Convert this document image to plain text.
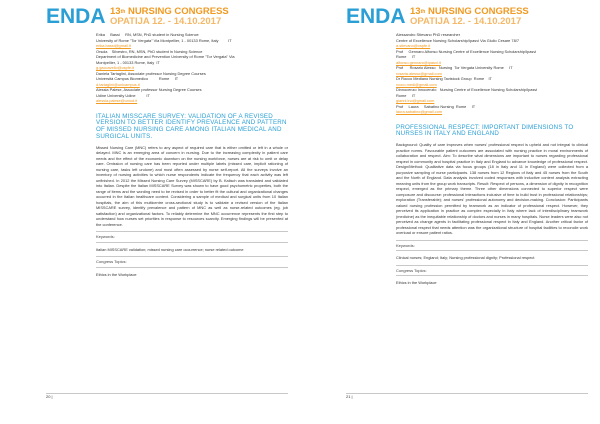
ENDA 13th NURSING CONGRESS
OPATIJA 12. - 14.10.2017
Erika     Bassi     RN, MSN, PhD student in Nursing Science
University of Rome "Tor Vergata" Via Montpellier, 1 - 00133 Rome, Italy         IT
erika.bassi@gmail.it
Orsola    Silvestro, RN, MSN, PhD student in Nursing Science
Department of Biomedicine and Prevention University of Rome "Tor Vergata" Via
Montpellier, 1 - 00133 Rome, Italy  IT
g.gaccavello@ospfe.it
Daniela Tartaglini, Associate professor Nursing Degree Courses
Università Campus Biomedico          Rome     IT
d.tartaglini@unicampus.it
Alessia Palese, Associate professor Nursing Degree Courses
Udine University Udine          IT
alessia.palese@uniud.it
ITALIAN MISSCARE SURVEY: VALIDATION OF A REVISED VERSION TO BETTER IDENTIFY PREVALENCE AND PATTERN OF MISSED NURSING CARE AMONG ITALIAN MEDICAL AND SURGICAL UNITS.
Missed Nursing Care (MNC) refers to any aspect of required care that is either omitted or left in a whole or delayed. MNC is an emerging area of concern in nursing. Due to the increasing complexity in patient care needs and the effect of the economic downturn on the nursing workforce, nurses are at risk to omit or delay care. Omission of nursing care has been reported under multiple labels (missed care, implicit rationing of nursing care, tasks left undone) and most often assessed by nurse self-report. All the surveys involve an inventory of nursing activities to which nurse respondents indicate the frequency that each activity was left unfinished. In 2012 the Missed Nursing Care Survey (MISSCARE) by B. Kalisch was translated and validated into Italian. Despite the Italian MISSCARE Survey was shown to have good psychometric properties, both the range of items and the wording need to be revised in order to better fit the cultural and organizational changes occurred in the Italian healthcare context. Considering a sample of medical and surgical units from 10 Italian hospitals, the aim of this multicentre cross-sectional study is to validate a revised version of the Italian MISSCARE survey, identify prevalence and pattern of MNC as well as nurse-related outcomes (eg. job satisfaction) and organizational factors. To reliably determine the MNC occurrence represents the first step to understand how nurses set priorities in response to resources scarcity. Emerging findings will be presented at the conference.
Keywords:
Italian MISSCARE validation; missed nursing care occurrence; nurse related outcome
Congress Topics:
Ethics in the Workplace
20 |
ENDA 13th NURSING CONGRESS
OPATIJA 12. - 14.10.2017
Alessandro Stievano PhD researcher
Centre of Excellence Nursing Scholarship/Ipasvi Via Giulio Cesare 78/7
a.stievano@ospfe.it
Prof     Gennaro Alfonso Nursing Centre of Excellence Nursing Scholarship/Ipasvi
Rome     IT
alfonso.gennaro@ipasvi.it
Prof      Rosario Alesso   Nursing  Tor Vergata University Rome     IT
rosaria.alesso@gmail.com
Dr Rocco Mediano Nursing Tavistock Group  Rome    IT
rocco.medi@gmail.com
Dinnocenzo Innocenzio   Nursing Centre of Excellence Nursing Scholarship/Ipasvi
Rome     IT
gianni.ino@gmail.com
Prof     Laura     Sabatino Nursing  Rome     IT
laura.sabatino@gmail.com
PROFESSIONAL RESPECT: IMPORTANT DIMENSIONS TO NURSES IN ITALY AND ENGLAND
Background: Quality of care improves when nurses' professional respect is upheld and not integral to clinical practice norms. Favourable patient outcomes are associated with nursing practice in moral environments of collaboration and respect. Aim: To describe what dimensions are important to nurses regarding professional respect in community and hospital practice in Italy and England to advance knowledge of professional respect. Design/Method: Qualitative data via focus groups (18 in Italy and 11 in England) were collected from a purposive sampling of nurse participants. 138 nurses from 12 Regions of Italy and 45 nurses from the South and the North of England. Data analysis involved coded responses with inductive content analysis extracting meaning units from the group work transcripts. Result: Respect of persons, a dimension of dignity in recognition respect, emerged as the primary theme. Three other dimensions connected to superior respect were composure and discourse: professional interactions inclusive of time to build trust in professional relationships; exploration (Transferable); and nurses' professional autonomy and decision-making. Conclusion: Participants valued nursing profession permitted by teamwork as an indicator of professional respect. However, they perceived its application in practice as complex especially in Italy where lack of interdisciplinary teamwork (medicine) as the inequitable relationship of doctors and nurses in many hospitals. Nurse leaders were also not perceived as change agents in facilitating professional respect in Italy and England. Another critical factor of professional respect that needs attention was the organizational structure of hospital facilities to reconcile work overload or ensure patient ratios.
Keywords:
Clinical nurses; England; Italy; Nursing professional dignity; Professional respect
Congress Topics:
Ethics in the Workplace
21 |
